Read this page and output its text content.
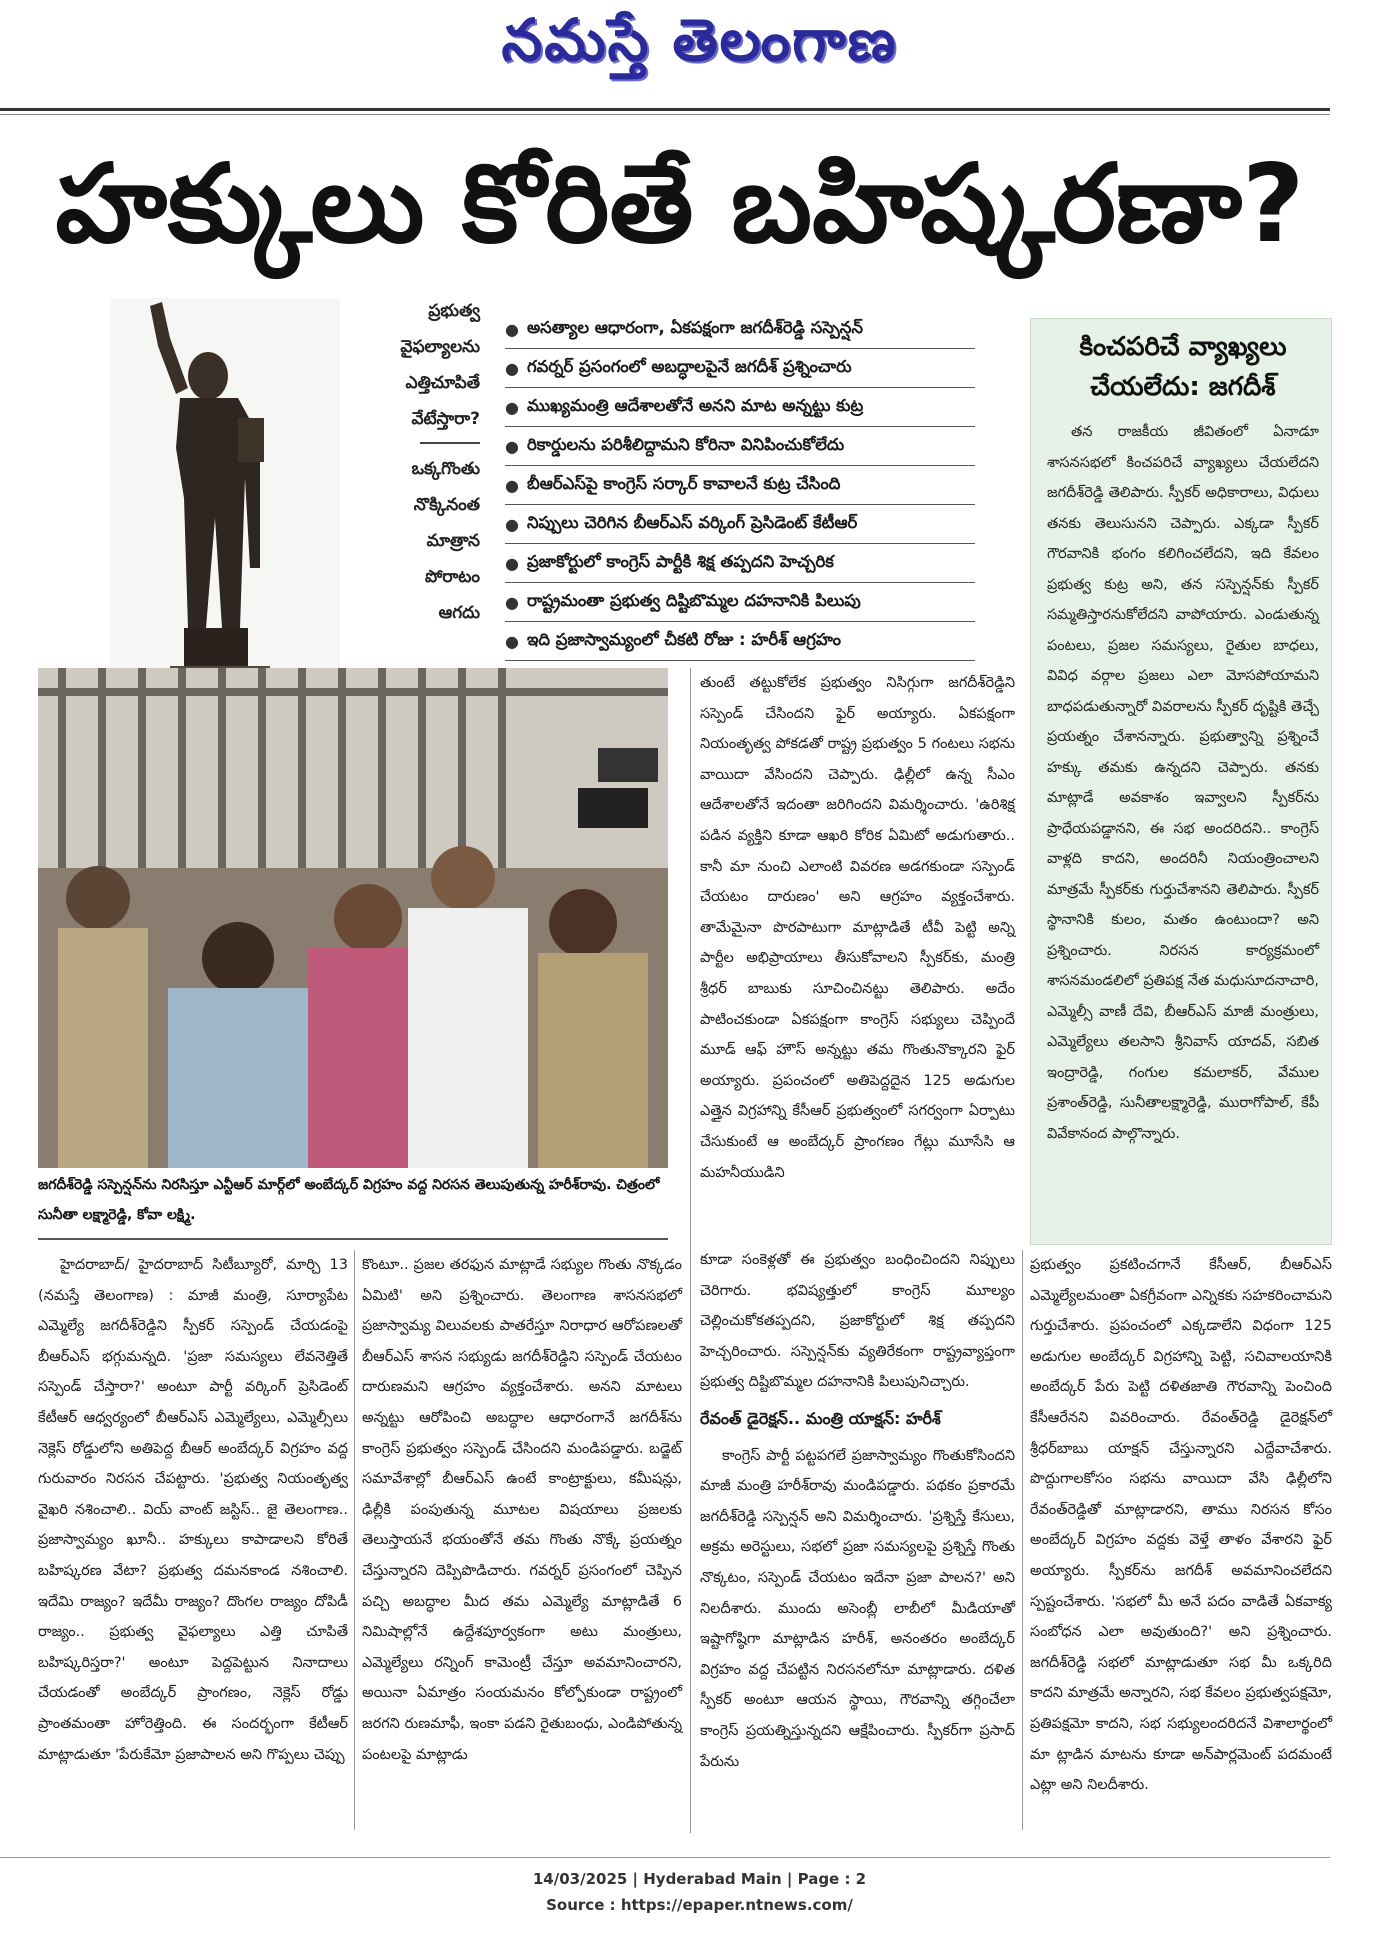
నమస్తే తెలంగాణ
హక్కులు కోరితే బహిష్కరణా?

ప్రభుత్వ

వైఫల్యాలను

ఎత్తిచూపితే

వేటేస్తారా?

ఒక్కగొంతు

నొక్కినంత

మాత్రాన

పోరాటం

ఆగదు

● అసత్యాల ఆధారంగా, ఏకపక్షంగా జగదీశ్‌రెడ్డి సస్పెన్షన్
● గవర్నర్ ప్రసంగంలో అబద్ధాలపైనే జగదీశ్ ప్రశ్నించారు
● ముఖ్యమంత్రి ఆదేశాలతోనే అనని మాట అన్నట్టు కుట్ర
● రికార్డులను పరిశీలిద్దామని కోరినా వినిపించుకోలేదు
● బీఆర్‌ఎస్‌పై కాంగ్రెస్ సర్కార్ కావాలనే కుట్ర చేసింది
● నిప్పులు చెరిగిన బీఆర్‌ఎస్ వర్కింగ్ ప్రెసిడెంట్ కేటీఆర్
● ప్రజాకోర్టులో కాంగ్రెస్ పార్టీకి శిక్ష తప్పదని హెచ్చరిక
● రాష్ట్రమంతా ప్రభుత్వ దిష్టిబొమ్మల దహనానికి పిలుపు
● ఇది ప్రజాస్వామ్యంలో చీకటి రోజు : హరీశ్ ఆగ్రహం
కించపరిచే వ్యాఖ్యలు చేయలేదు: జగదీశ్

తన రాజకీయ జీవితంలో ఏనాడూ శాసనసభలో కించపరిచే వ్యాఖ్యలు చేయలేదని జగదీశ్‌రెడ్డి తెలిపారు. స్పీకర్ అధికారాలు, విధులు తనకు తెలుసునని చెప్పారు. ఎక్కడా స్పీకర్ గౌరవానికి భంగం కలిగించలేదని, ఇది కేవలం ప్రభుత్వ కుట్ర అని, తన సస్పెన్షన్‌కు స్పీకర్ సమ్మతిస్తారనుకోలేదని వాపోయారు. ఎండుతున్న పంటలు, ప్రజల సమస్యలు, రైతుల బాధలు, వివిధ వర్గాల ప్రజలు ఎలా మోసపోయామని బాధపడుతున్నారో వివరాలను స్పీకర్ దృష్టికి తెచ్చే ప్రయత్నం చేశానన్నారు. ప్రభుత్వాన్ని ప్రశ్నించే హక్కు తమకు ఉన్నదని చెప్పారు. తనకు మాట్లాడే అవకాశం ఇవ్వాలని స్పీకర్‌ను ప్రాధేయపడ్డానని, ఈ సభ అందరిదని.. కాంగ్రెస్ వాళ్లది కాదని, అందరినీ నియంత్రించాలని మాత్రమే స్పీకర్‌కు గుర్తుచేశానని తెలిపారు. స్పీకర్ స్థానానికి కులం, మతం ఉంటుందా? అని ప్రశ్నించారు. నిరసన కార్యక్రమంలో శాసనమండలిలో ప్రతిపక్ష నేత మధుసూదనాచారి, ఎమ్మెల్సీ వాణీ దేవి, బీఆర్‌ఎస్ మాజీ మంత్రులు, ఎమ్మెల్యేలు తలసాని శ్రీనివాస్ యాదవ్, సబిత ఇంద్రారెడ్డి, గంగుల కమలాకర్, వేముల ప్రశాంత్‌రెడ్డి, సునీతాలక్ష్మారెడ్డి, మురాగోపాల్, కేపీ వివేకానంద పాల్గొన్నారు.

జగదీశ్‌రెడ్డి సస్పెన్షన్‌ను నిరసిస్తూ ఎన్టీఆర్ మార్గ్‌లో అంబేద్కర్ విగ్రహం వద్ద నిరసన తెలుపుతున్న హరీశ్‌రావు. చిత్రంలో సునీతా లక్ష్మారెడ్డి, కోవా లక్ష్మి.

తుంటే తట్టుకోలేక ప్రభుత్వం నిసిగ్గుగా జగదీశ్‌రెడ్డిని సస్పెండ్ చేసిందని ఫైర్ అయ్యారు. ఏకపక్షంగా నియంతృత్వ పోకడతో రాష్ట్ర ప్రభుత్వం 5 గంటలు సభను వాయిదా వేసిందని చెప్పారు. ఢిల్లీలో ఉన్న సీఎం ఆదేశాలతోనే ఇదంతా జరిగిందని విమర్శించారు. 'ఉరిశిక్ష పడిన వ్యక్తిని కూడా ఆఖరి కోరిక ఏమిటో అడుగుతారు.. కానీ మా నుంచి ఎలాంటి వివరణ అడగకుండా సస్పెండ్ చేయటం దారుణం' అని ఆగ్రహం వ్యక్తంచేశారు. తామేమైనా పొరపాటుగా మాట్లాడితే టీవీ పెట్టి అన్ని పార్టీల అభిప్రాయాలు తీసుకోవాలని స్పీకర్‌కు, మంత్రి శ్రీధర్ బాబుకు సూచించినట్టు తెలిపారు. అదేం పాటించకుండా ఏకపక్షంగా కాంగ్రెస్ సభ్యులు చెప్పిందే మూడ్ ఆఫ్ హౌస్ అన్నట్టు తమ గొంతునొక్కారని ఫైర్ అయ్యారు. ప్రపంచంలో అతిపెద్దదైన 125 అడుగుల ఎత్తైన విగ్రహాన్ని కేసీఆర్ ప్రభుత్వంలో సగర్వంగా ఏర్పాటు చేసుకుంటే ఆ అంబేద్కర్ ప్రాంగణం గేట్లు మూసేసి ఆ మహనీయుడిని

హైదరాబాద్/ హైదరాబాద్ సిటీబ్యూరో, మార్చి 13 (నమస్తే తెలంగాణ) : మాజీ మంత్రి, సూర్యాపేట ఎమ్మెల్యే జగదీశ్‌రెడ్డిని స్పీకర్ సస్పెండ్ చేయడంపై బీఆర్‌ఎస్ భగ్గుమన్నది. 'ప్రజా సమస్యలు లేవనెత్తితే సస్పెండ్ చేస్తారా?' అంటూ పార్టీ వర్కింగ్ ప్రెసిడెంట్ కేటీఆర్ ఆధ్వర్యంలో బీఆర్‌ఎస్ ఎమ్మెల్యేలు, ఎమ్మెల్సీలు నెక్లెస్ రోడ్డులోని అతిపెద్ద బీఆర్ అంబేద్కర్ విగ్రహం వద్ద గురువారం నిరసన చేపట్టారు. 'ప్రభుత్వ నియంతృత్వ వైఖరి నశించాలి.. వియ్ వాంట్ జస్టిస్.. జై తెలంగాణ.. ప్రజాస్వామ్యం ఖూనీ.. హక్కులు కాపాడాలని కోరితే బహిష్కరణ వేటా? ప్రభుత్వ దమనకాండ నశించాలి. ఇదేమి రాజ్యం? ఇదేమీ రాజ్యం? దొంగల రాజ్యం దోపిడీ రాజ్యం.. ప్రభుత్వ వైఫల్యాలు ఎత్తి చూపితే బహిష్కరిస్తరా?' అంటూ పెద్దపెట్టున నినాదాలు చేయడంతో అంబేద్కర్ ప్రాంగణం, నెక్లెస్ రోడ్డు ప్రాంతమంతా హోరెత్తింది. ఈ సందర్భంగా కేటీఆర్ మాట్లాడుతూ 'పేరుకేమో ప్రజాపాలన అని గొప్పలు చెప్పు

కొంటూ.. ప్రజల తరఫున మాట్లాడే సభ్యుల గొంతు నొక్కడం ఏమిటి' అని ప్రశ్నించారు. తెలంగాణ శాసనసభలో ప్రజాస్వామ్య విలువలకు పాతరేస్తూ నిరాధార ఆరోపణలతో బీఆర్‌ఎస్ శాసన సభ్యుడు జగదీశ్‌రెడ్డిని సస్పెండ్ చేయటం దారుణమని ఆగ్రహం వ్యక్తంచేశారు. అనని మాటలు అన్నట్టు ఆరోపించి అబద్ధాల ఆధారంగానే జగదీశ్‌ను కాంగ్రెస్ ప్రభుత్వం సస్పెండ్ చేసిందని మండిపడ్డారు. బడ్జెట్ సమావేశాల్లో బీఆర్‌ఎస్ ఉంటే కాంట్రాక్టులు, కమీషన్లు, ఢిల్లీకి పంపుతున్న మూటల విషయాలు ప్రజలకు తెలుస్తాయనే భయంతోనే తమ గొంతు నొక్కే ప్రయత్నం చేస్తున్నారని దెప్పిపొడిచారు. గవర్నర్ ప్రసంగంలో చెప్పిన పచ్చి అబద్ధాల మీద తమ ఎమ్మెల్యే మాట్లాడితే 6 నిమిషాల్లోనే ఉద్దేశపూర్వకంగా అటు మంత్రులు, ఎమ్మెల్యేలు రన్నింగ్ కామెంట్రీ చేస్తూ అవమానించారని, అయినా ఏమాత్రం సంయమనం కోల్పోకుండా రాష్ట్రంలో జరగని రుణమాఫీ, ఇంకా పడని రైతుబంధు, ఎండిపోతున్న పంటలపై మాట్లాడు

కూడా సంకెళ్లతో ఈ ప్రభుత్వం బంధించిందని నిప్పులు చెరిగారు. భవిష్యత్తులో కాంగ్రెస్ మూల్యం చెల్లించుకోకతప్పదని, ప్రజాకోర్టులో శిక్ష తప్పదని హెచ్చరించారు. సస్పెన్షన్‌కు వ్యతిరేకంగా రాష్ట్రవ్యాప్తంగా ప్రభుత్వ దిష్టిబొమ్మల దహనానికి పిలుపునిచ్చారు.

రేవంత్ డైరెక్షన్.. మంత్రి యాక్షన్: హరీశ్

కాంగ్రెస్ పార్టీ పట్టపగలే ప్రజాస్వామ్యం గొంతుకోసిందని మాజీ మంత్రి హరీశ్‌రావు మండిపడ్డారు. పథకం ప్రకారమే జగదీశ్‌రెడ్డి సస్పెన్షన్ అని విమర్శించారు. 'ప్రశ్నిస్తే కేసులు, అక్రమ అరెస్టులు, సభలో ప్రజా సమస్యలపై ప్రశ్నిస్తే గొంతు నొక్కటం, సస్పెండ్ చేయటం ఇదేనా ప్రజా పాలన?' అని నిలదీశారు. ముందు అసెంబ్లీ లాబీలో మీడియాతో ఇష్టాగోష్ఠిగా మాట్లాడిన హరీశ్, అనంతరం అంబేద్కర్ విగ్రహం వద్ద చేపట్టిన నిరసనలోనూ మాట్లాడారు. దళిత స్పీకర్ అంటూ ఆయన స్థాయి, గౌరవాన్ని తగ్గించేలా కాంగ్రెస్ ప్రయత్నిస్తున్నదని ఆక్షేపించారు. స్పీకర్‌గా ప్రసాద్ పేరును

ప్రభుత్వం ప్రకటించగానే కేసీఆర్, బీఆర్‌ఎస్ ఎమ్మెల్యేలమంతా ఏకగ్రీవంగా ఎన్నికకు సహకరించామని గుర్తుచేశారు. ప్రపంచంలో ఎక్కడాలేని విధంగా 125 అడుగుల అంబేద్కర్ విగ్రహాన్ని పెట్టి, సచివాలయానికి అంబేద్కర్ పేరు పెట్టి దళితజాతి గౌరవాన్ని పెంచింది కేసీఆరేనని వివరించారు. రేవంత్‌రెడ్డి డైరెక్షన్‌లో శ్రీధర్‌బాబు యాక్షన్ చేస్తున్నారని ఎద్దేవాచేశారు. పొద్దుగాలకోసం సభను వాయిదా వేసి ఢిల్లీలోని రేవంత్‌రెడ్డితో మాట్లాడారని, తాము నిరసన కోసం అంబేద్కర్ విగ్రహం వద్దకు వెళ్తే తాళం వేశారని ఫైర్ అయ్యారు. స్పీకర్‌ను జగదీశ్ అవమానించలేదని స్పష్టంచేశారు. 'సభలో మీ అనే పదం వాడితే ఏకవాక్య సంబోధన ఎలా అవుతుంది?' అని ప్రశ్నించారు. జగదీశ్‌రెడ్డి సభలో మాట్లాడుతూ సభ మీ ఒక్కరిది కాదని మాత్రమే అన్నారని, సభ కేవలం ప్రభుత్వపక్షమో, ప్రతిపక్షమో కాదని, సభ సభ్యులందరిదనే విశాలార్థంలో మా ట్లాడిన మాటను కూడా అన్‌పార్లమెంట్ పదమంటే ఎట్లా అని నిలదీశారు.

14/03/2025 | Hyderabad Main | Page : 2
Source : https://epaper.ntnews.com/
